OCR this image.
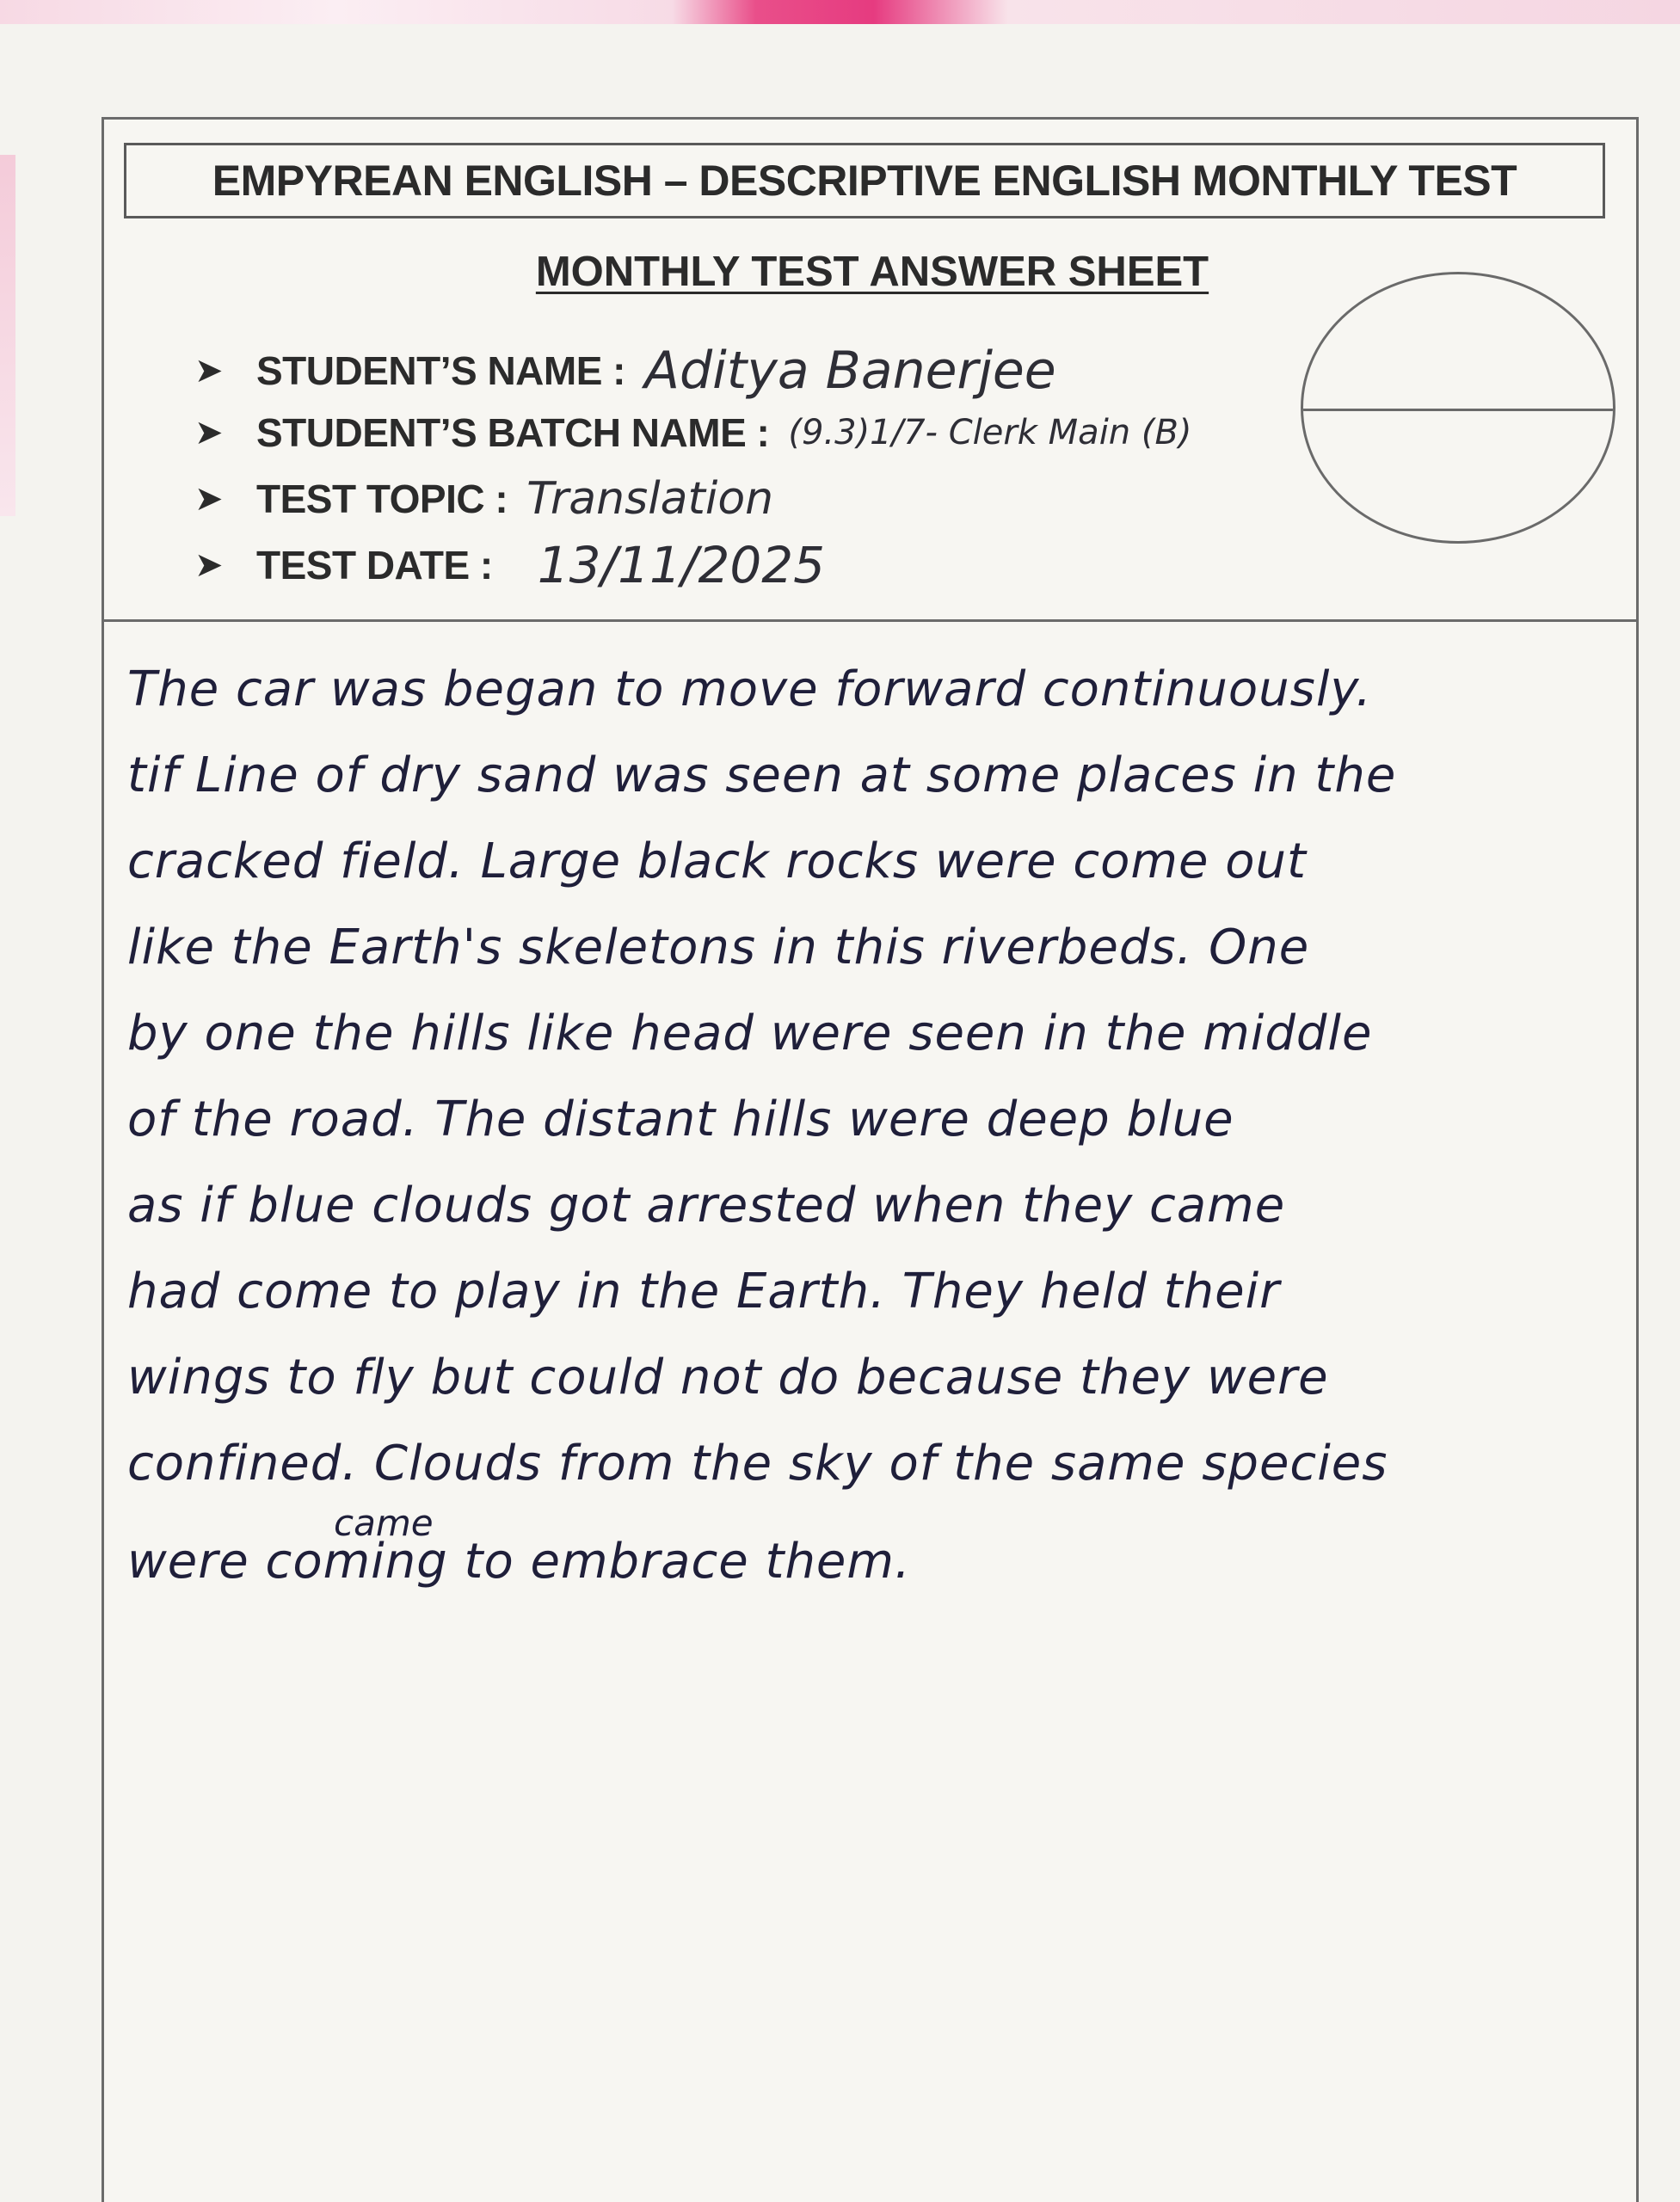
EMPYREAN ENGLISH – DESCRIPTIVE ENGLISH MONTHLY TEST
MONTHLY TEST ANSWER SHEET
➤ STUDENT’S NAME : Aditya Banerjee
➤ STUDENT’S BATCH NAME : (9.3)1/7- Clerk Main (B)
➤ TEST TOPIC : Translation
➤ TEST DATE : 13/11/2025
The car was began to move forward continuously.
tif Line of dry sand was seen at some places in the
cracked field. Large black rocks were come out
like the Earth's skeletons in this riverbeds. One
by one the hills like head were seen in the middle
of the road. The distant hills were deep blue
as if blue clouds got arrested when they came
had come to play in the Earth. They held their
wings to fly but could not do because they were
confined. Clouds from the sky of the same species
came
were coming to embrace them.
